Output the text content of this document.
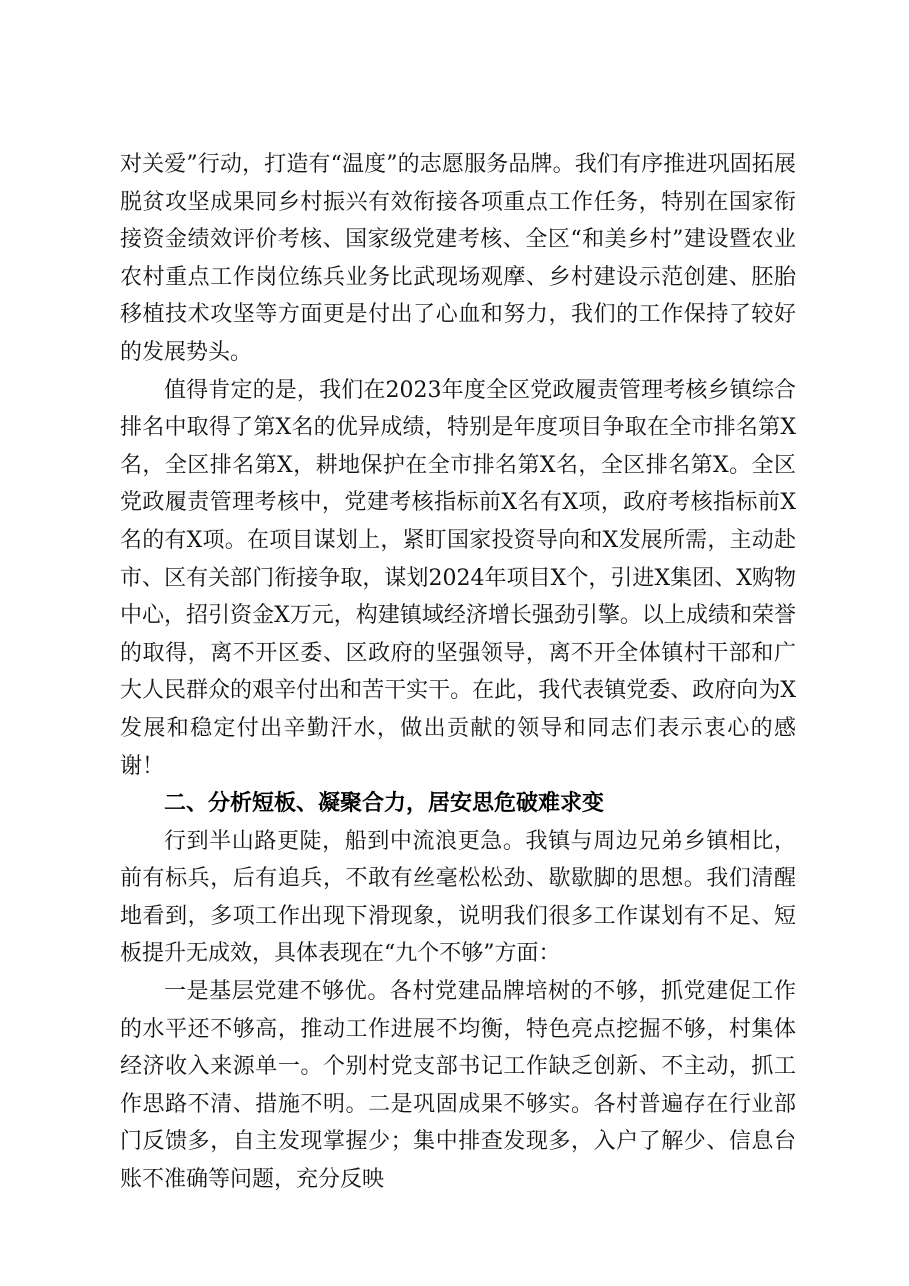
对关爱”行动，打造有“温度”的志愿服务品牌。我们有序推进巩固拓展脱贫攻坚成果同乡村振兴有效衔接各项重点工作任务，特别在国家衔接资金绩效评价考核、国家级党建考核、全区“和美乡村”建设暨农业农村重点工作岗位练兵业务比武现场观摩、乡村建设示范创建、胚胎移植技术攻坚等方面更是付出了心血和努力，我们的工作保持了较好的发展势头。

值得肯定的是，我们在2023年度全区党政履责管理考核乡镇综合排名中取得了第X名的优异成绩，特别是年度项目争取在全市排名第X名，全区排名第X，耕地保护在全市排名第X名，全区排名第X。全区党政履责管理考核中，党建考核指标前X名有X项，政府考核指标前X名的有X项。在项目谋划上，紧盯国家投资导向和X发展所需，主动赴市、区有关部门衔接争取，谋划2024年项目X个，引进X集团、X购物中心，招引资金X万元，构建镇域经济增长强劲引擎。以上成绩和荣誉的取得，离不开区委、区政府的坚强领导，离不开全体镇村干部和广大人民群众的艰辛付出和苦干实干。在此，我代表镇党委、政府向为X发展和稳定付出辛勤汗水，做出贡献的领导和同志们表示衷心的感谢！

二、分析短板、凝聚合力，居安思危破难求变

行到半山路更陡，船到中流浪更急。我镇与周边兄弟乡镇相比，前有标兵，后有追兵，不敢有丝毫松松劲、歇歇脚的思想。我们清醒地看到，多项工作出现下滑现象，说明我们很多工作谋划有不足、短板提升无成效，具体表现在“九个不够”方面：

一是基层党建不够优。各村党建品牌培树的不够，抓党建促工作的水平还不够高，推动工作进展不均衡，特色亮点挖掘不够，村集体经济收入来源单一。个别村党支部书记工作缺乏创新、不主动，抓工作思路不清、措施不明。二是巩固成果不够实。各村普遍存在行业部门反馈多，自主发现掌握少；集中排查发现多，入户了解少、信息台账不准确等问题，充分反映
